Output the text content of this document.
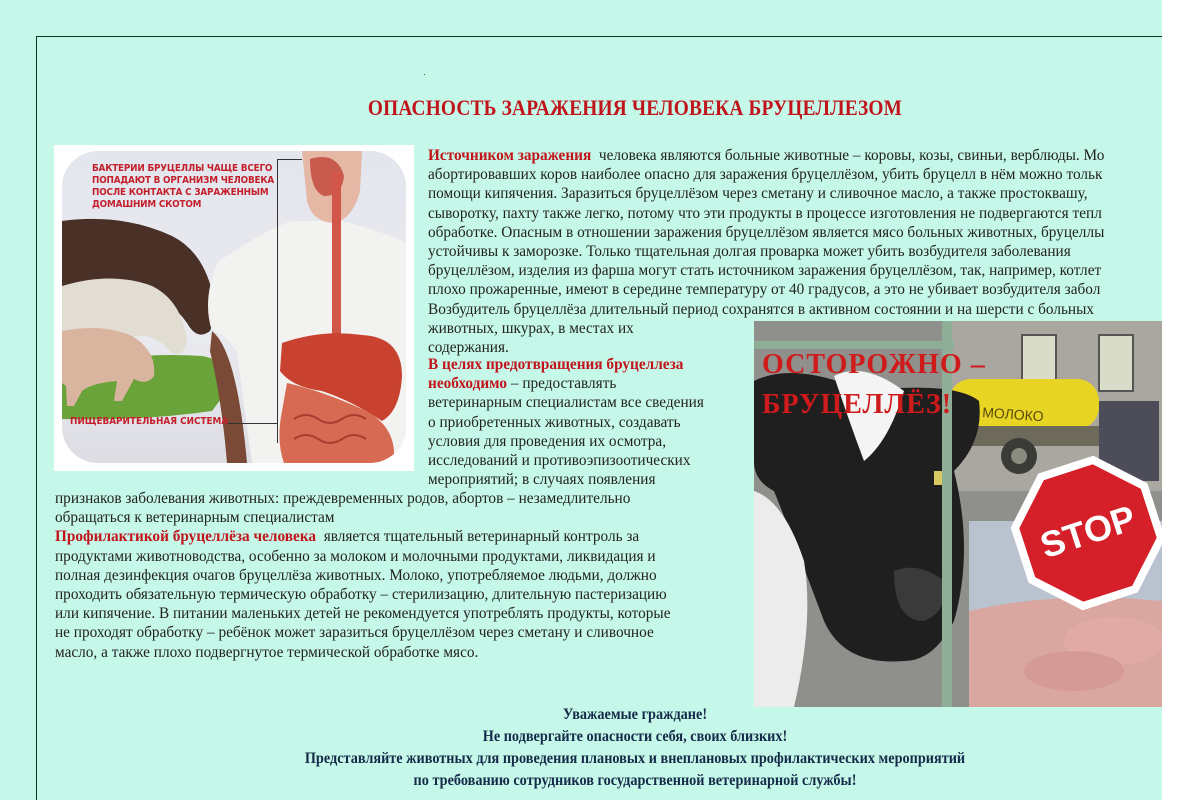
ОПАСНОСТЬ ЗАРАЖЕНИЯ ЧЕЛОВЕКА БРУЦЕЛЛЕЗОМ
БАКТЕРИИ БРУЦЕЛЛЫ ЧАЩЕ ВСЕГО
ПОПАДАЮТ В ОРГАНИЗМ ЧЕЛОВЕКА
ПОСЛЕ КОНТАКТА С ЗАРАЖЕННЫМ
ДОМАШНИМ СКОТОМ
ПИЩЕВАРИТЕЛЬНАЯ СИСТЕМА
Источником заражения  человека являются больные животные – коровы, козы, свиньи, верблюды. Мо
абортировавших коров наиболее опасно для заражения бруцеллёзом, убить бруцелл в нём можно тольк
помощи кипячения. Заразиться бруцеллёзом через сметану и сливочное масло, а также простоквашу,
сыворотку, пахту также легко, потому что эти продукты в процессе изготовления не подвергаются тепл
обработке. Опасным в отношении заражения бруцеллёзом является мясо больных животных, бруцеллы
устойчивы к заморозке. Только тщательная долгая проварка может убить возбудителя заболевания
бруцеллёзом, изделия из фарша могут стать источником заражения бруцеллёзом, так, например, котлет
плохо прожаренные, имеют в середине температуру от 40 градусов, а это не убивает возбудителя забол
Возбудитель бруцеллёза длительный период сохранятся в активном состоянии и на шерсти с больных
животных, шкурах, в местах их
содержания.
В целях предотвращения бруцеллеза
необходимо – предоставлять
ветеринарным специалистам все сведения
о приобретенных животных, создавать
условия для проведения их осмотра,
исследований и противоэпизоотических
мероприятий; в случаях появления
признаков заболевания животных: преждевременных родов, абортов – незамедлительно
обращаться к ветеринарным специалистам
Профилактикой бруцеллёза человека  является тщательный ветеринарный контроль за
продуктами животноводства, особенно за молоком и молочными продуктами, ликвидация и
полная дезинфекция очагов бруцеллёза животных. Молоко, употребляемое людьми, должно
проходить обязательную термическую обработку – стерилизацию, длительную пастеризацию
или кипячение. В питании маленьких детей не рекомендуется употреблять продукты, которые
не проходят обработку – ребёнок может заразиться бруцеллёзом через сметану и сливочное
масло, а также плохо подвергнутое термической обработке мясо.
МОЛОКО
ОСТОРОЖНО –
БРУЦЕЛЛЁЗ!
STOP
Уважаемые граждане!
Не подвергайте опасности себя, своих близких!
Представляйте животных для проведения плановых и внеплановых профилактических мероприятий
по требованию сотрудников государственной ветеринарной службы!
